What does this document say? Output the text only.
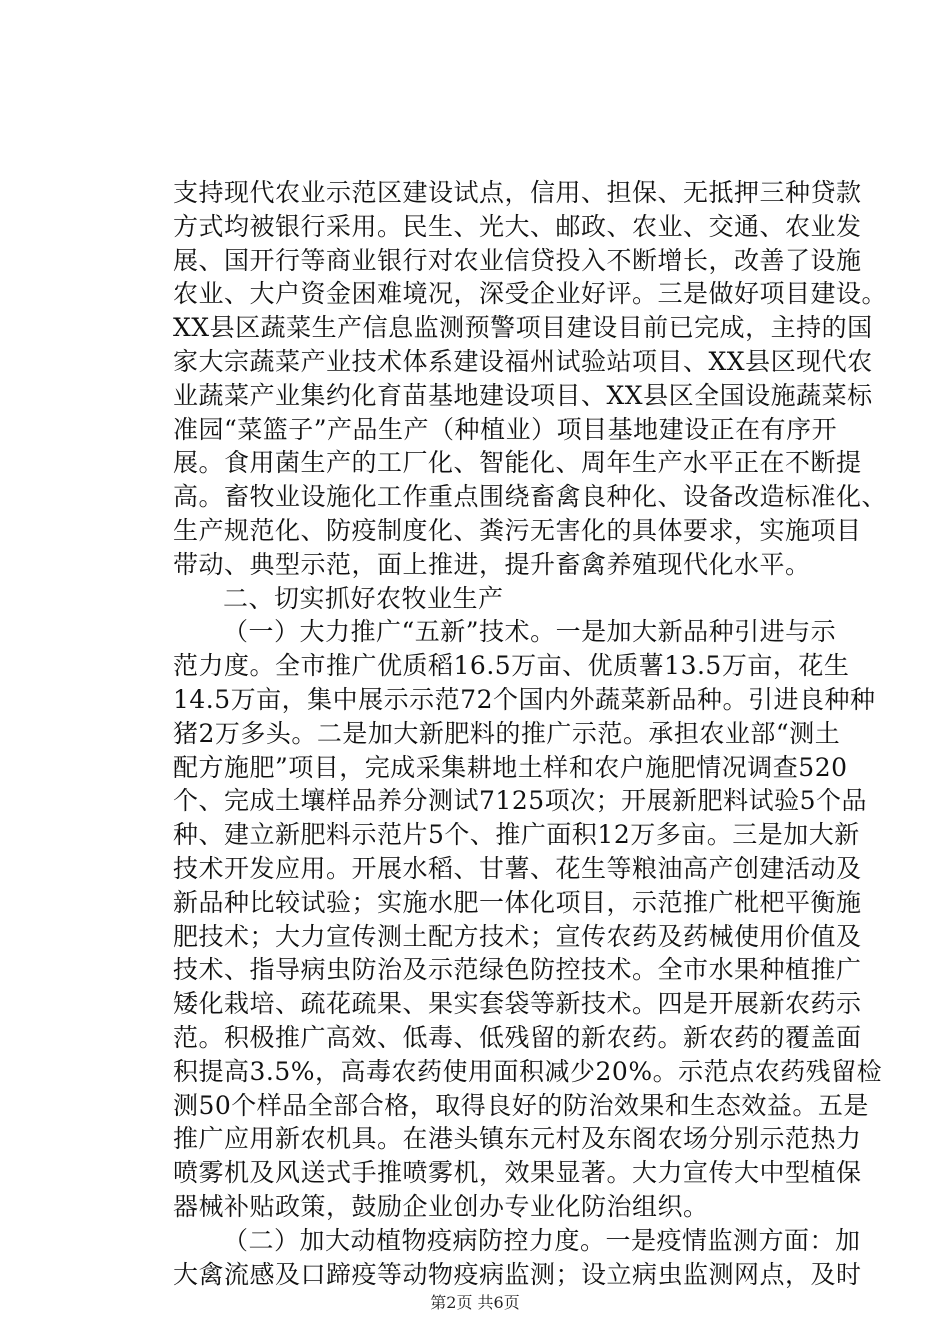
支持现代农业示范区建设试点，信用、担保、无抵押三种贷款
方式均被银行采用。民生、光大、邮政、农业、交通、农业发
展、国开行等商业银行对农业信贷投入不断增长，改善了设施
农业、大户资金困难境况，深受企业好评。三是做好项目建设。
XX县区蔬菜生产信息监测预警项目建设目前已完成，主持的国
家大宗蔬菜产业技术体系建设福州试验站项目、XX县区现代农
业蔬菜产业集约化育苗基地建设项目、XX县区全国设施蔬菜标
准园“菜篮子”产品生产（种植业）项目基地建设正在有序开
展。食用菌生产的工厂化、智能化、周年生产水平正在不断提
高。畜牧业设施化工作重点围绕畜禽良种化、设备改造标准化、
生产规范化、防疫制度化、粪污无害化的具体要求，实施项目
带动、典型示范，面上推进，提升畜禽养殖现代化水平。
二、切实抓好农牧业生产
（一）大力推广“五新”技术。一是加大新品种引进与示
范力度。全市推广优质稻16.5万亩、优质薯13.5万亩，花生
14.5万亩，集中展示示范72个国内外蔬菜新品种。引进良种种
猪2万多头。二是加大新肥料的推广示范。承担农业部“测土
配方施肥”项目，完成采集耕地土样和农户施肥情况调查520
个、完成土壤样品养分测试7125项次；开展新肥料试验5个品
种、建立新肥料示范片5个、推广面积12万多亩。三是加大新
技术开发应用。开展水稻、甘薯、花生等粮油高产创建活动及
新品种比较试验；实施水肥一体化项目，示范推广枇杷平衡施
肥技术；大力宣传测土配方技术；宣传农药及药械使用价值及
技术、指导病虫防治及示范绿色防控技术。全市水果种植推广
矮化栽培、疏花疏果、果实套袋等新技术。四是开展新农药示
范。积极推广高效、低毒、低残留的新农药。新农药的覆盖面
积提高3.5%，高毒农药使用面积减少20%。示范点农药残留检
测50个样品全部合格，取得良好的防治效果和生态效益。五是
推广应用新农机具。在港头镇东元村及东阁农场分别示范热力
喷雾机及风送式手推喷雾机，效果显著。大力宣传大中型植保
器械补贴政策，鼓励企业创办专业化防治组织。
（二）加大动植物疫病防控力度。一是疫情监测方面：加
大禽流感及口蹄疫等动物疫病监测；设立病虫监测网点，及时
第2页 共6页
